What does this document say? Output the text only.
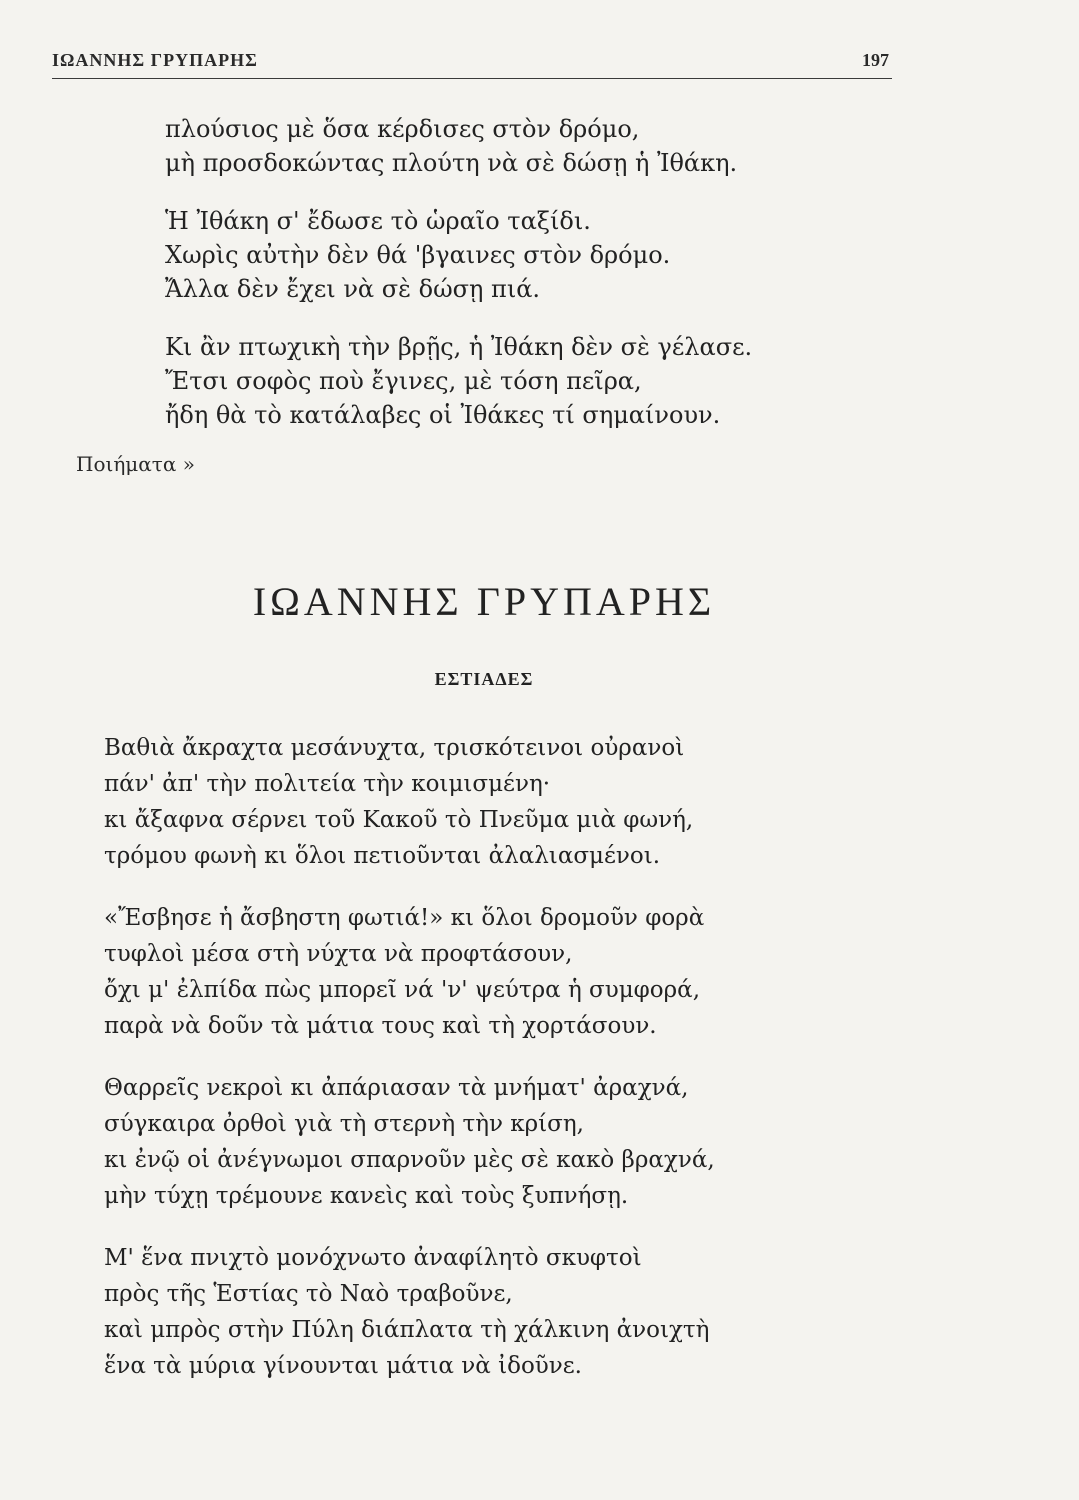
ΙΩΑΝΝΗΣ ΓΡΥΠΑΡΗΣ	197
πλούσιος μὲ ὅσα κέρδισες στὸν δρόμο,
μὴ προσδοκώντας πλούτη νὰ σὲ δώσῃ ἡ Ἰθάκη.
Ἡ Ἰθάκη σ' ἔδωσε τὸ ὡραῖο ταξίδι.
Χωρὶς αὐτὴν δὲν θά 'βγαινες στὸν δρόμο.
Ἄλλα δὲν ἔχει νὰ σὲ δώσῃ πιά.
Κι ἂν πτωχικὴ τὴν βρῇς, ἡ Ἰθάκη δὲν σὲ γέλασε.
Ἔτσι σοφὸς ποὺ ἔγινες, μὲ τόση πεῖρα,
ἤδη θὰ τὸ κατάλαβες οἱ Ἰθάκες τί σημαίνουν.
Ποιήματα »
ΙΩΑΝΝΗΣ ΓΡΥΠΑΡΗΣ
ΕΣΤΙΑΔΕΣ
Βαθιὰ ἄκραχτα μεσάνυχτα, τρισκότεινοι οὐρανοὶ
πάν' ἀπ' τὴν πολιτεία τὴν κοιμισμένη·
κι ἄξαφνα σέρνει τοῦ Κακοῦ τὸ Πνεῦμα μιὰ φωνή,
τρόμου φωνὴ κι ὅλοι πετιοῦνται ἀλαλιασμένοι.
«Ἔσβησε ἡ ἄσβηστη φωτιά!» κι ὅλοι δρομοῦν φορὰ
τυφλοὶ μέσα στὴ νύχτα νὰ προφτάσουν,
ὄχι μ' ἐλπίδα πὼς μπορεῖ νά 'ν' ψεύτρα ἡ συμφορά,
παρὰ νὰ δοῦν τὰ μάτια τους καὶ τὴ χορτάσουν.
Θαρρεῖς νεκροὶ κι ἀπάριασαν τὰ μνήματ' ἀραχνά,
σύγκαιρα ὀρθοὶ γιὰ τὴ στερνὴ τὴν κρίση,
κι ἐνῷ οἱ ἀνέγνωμοι σπαρνοῦν μὲς σὲ κακὸ βραχνά,
μὴν τύχῃ τρέμουνε κανεὶς καὶ τοὺς ξυπνήσῃ.
Μ' ἕνα πνιχτὸ μονόχνωτο ἀναφίλητὸ σκυφτοὶ
πρὸς τῆς Ἑστίας τὸ Ναὸ τραβοῦνε,
καὶ μπρὸς στὴν Πύλη διάπλατα τὴ χάλκινη ἀνοιχτὴ
ἕνα τὰ μύρια γίνουνται μάτια νὰ ἰδοῦνε.
